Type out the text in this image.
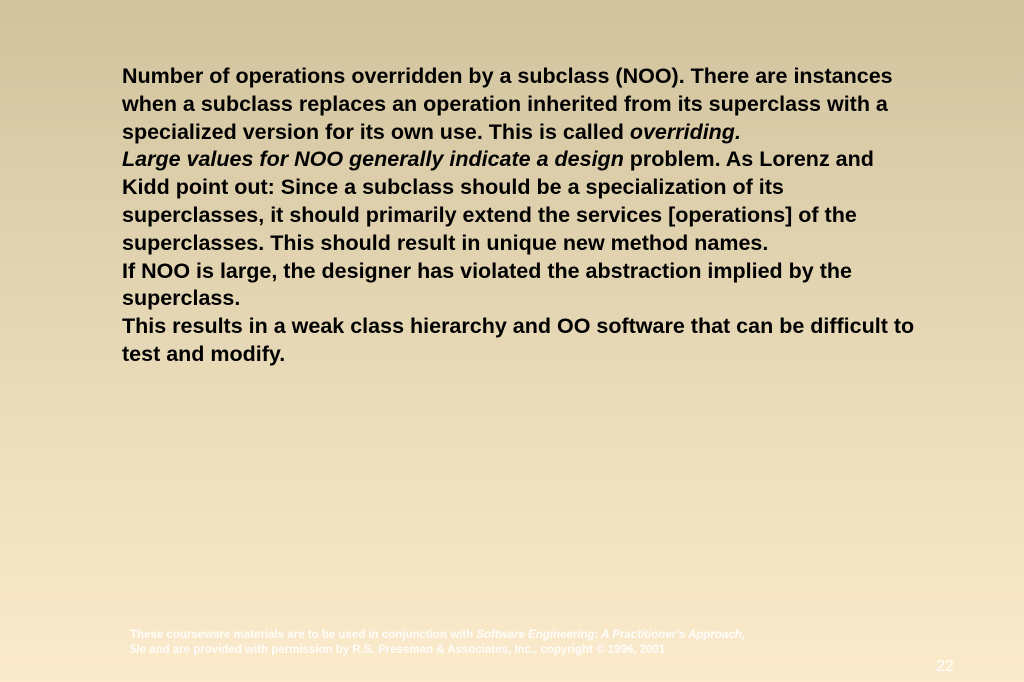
Number of operations overridden by a subclass (NOO). There are instances when a subclass replaces an operation inherited from its superclass with a specialized version for its own use. This is called overriding.

Large values for NOO generally indicate a design problem. As Lorenz and Kidd point out: Since a subclass should be a specialization of its superclasses, it should primarily extend the services [operations] of the superclasses. This should result in unique new method names.

If NOO is large, the designer has violated the abstraction implied by the superclass.

This results in a weak class hierarchy and OO software that can be difficult to test and modify.

These courseware materials are to be used in conjunction with Software Engineering: A Practitioner's Approach,
5/e and are provided with permission by R.S. Pressman & Associates, Inc., copyright © 1996, 2001
22
